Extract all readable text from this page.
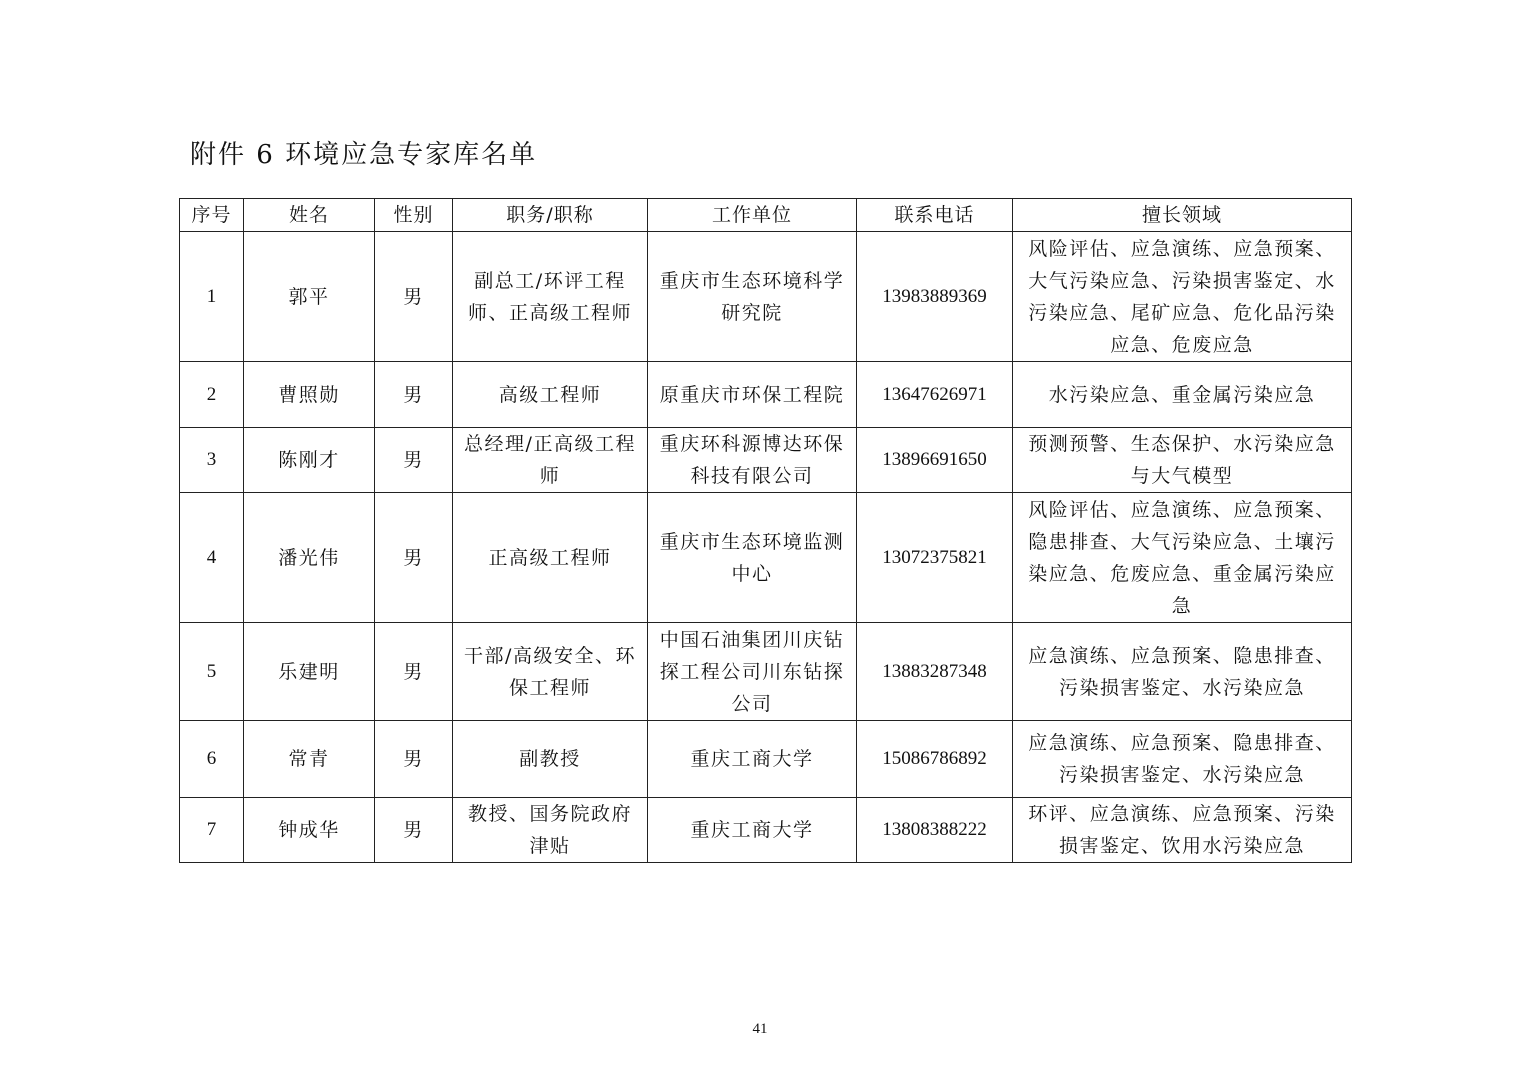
附件 6 环境应急专家库名单
序号	姓名	性别	职务/职称	工作单位	联系电话	擅长领域
1	郭平	男	副总工/环评工程师、正高级工程师	重庆市生态环境科学研究院	13983889369	风险评估、应急演练、应急预案、大气污染应急、污染损害鉴定、水污染应急、尾矿应急、危化品污染应急、危废应急
2	曹照勋	男	高级工程师	原重庆市环保工程院	13647626971	水污染应急、重金属污染应急
3	陈刚才	男	总经理/正高级工程师	重庆环科源博达环保科技有限公司	13896691650	预测预警、生态保护、水污染应急与大气模型
4	潘光伟	男	正高级工程师	重庆市生态环境监测中心	13072375821	风险评估、应急演练、应急预案、隐患排查、大气污染应急、土壤污染应急、危废应急、重金属污染应急
5	乐建明	男	干部/高级安全、环保工程师	中国石油集团川庆钻探工程公司川东钻探公司	13883287348	应急演练、应急预案、隐患排查、污染损害鉴定、水污染应急
6	常青	男	副教授	重庆工商大学	15086786892	应急演练、应急预案、隐患排查、污染损害鉴定、水污染应急
7	钟成华	男	教授、国务院政府津贴	重庆工商大学	13808388222	环评、应急演练、应急预案、污染损害鉴定、饮用水污染应急
41
